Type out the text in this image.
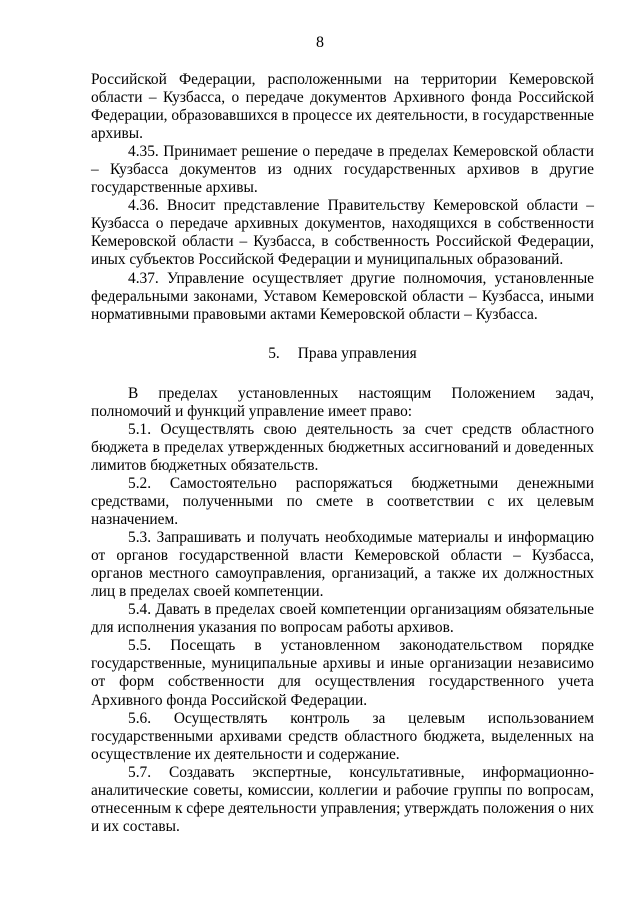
8

Российской Федерации, расположенными на территории Кемеровской области – Кузбасса, о передаче документов Архивного фонда Российской Федерации, образовавшихся в процессе их деятельности, в государственные архивы.

4.35. Принимает решение о передаче в пределах Кемеровской области – Кузбасса документов из одних государственных архивов в другие государственные архивы.

4.36. Вносит представление Правительству Кемеровской области – Кузбасса о передаче архивных документов, находящихся в собственности Кемеровской области – Кузбасса, в собственность Российской Федерации, иных субъектов Российской Федерации и муниципальных образований.

4.37. Управление осуществляет другие полномочия, установленные федеральными законами, Уставом Кемеровской области – Кузбасса, иными нормативными правовыми актами Кемеровской области – Кузбасса.

5. Права управления

В пределах установленных настоящим Положением задач, полномочий и функций управление имеет право:

5.1. Осуществлять свою деятельность за счет средств областного бюджета в пределах утвержденных бюджетных ассигнований и доведенных лимитов бюджетных обязательств.

5.2. Самостоятельно распоряжаться бюджетными денежными средствами, полученными по смете в соответствии с их целевым назначением.

5.3. Запрашивать и получать необходимые материалы и информацию от органов государственной власти Кемеровской области – Кузбасса, органов местного самоуправления, организаций, а также их должностных лиц в пределах своей компетенции.

5.4. Давать в пределах своей компетенции организациям обязательные для исполнения указания по вопросам работы архивов.

5.5. Посещать в установленном законодательством порядке государственные, муниципальные архивы и иные организации независимо от форм собственности для осуществления государственного учета Архивного фонда Российской Федерации.

5.6. Осуществлять контроль за целевым использованием государственными архивами средств областного бюджета, выделенных на осуществление их деятельности и содержание.

5.7. Создавать экспертные, консультативные, информационно-аналитические советы, комиссии, коллегии и рабочие группы по вопросам, отнесенным к сфере деятельности управления; утверждать положения о них и их составы.
